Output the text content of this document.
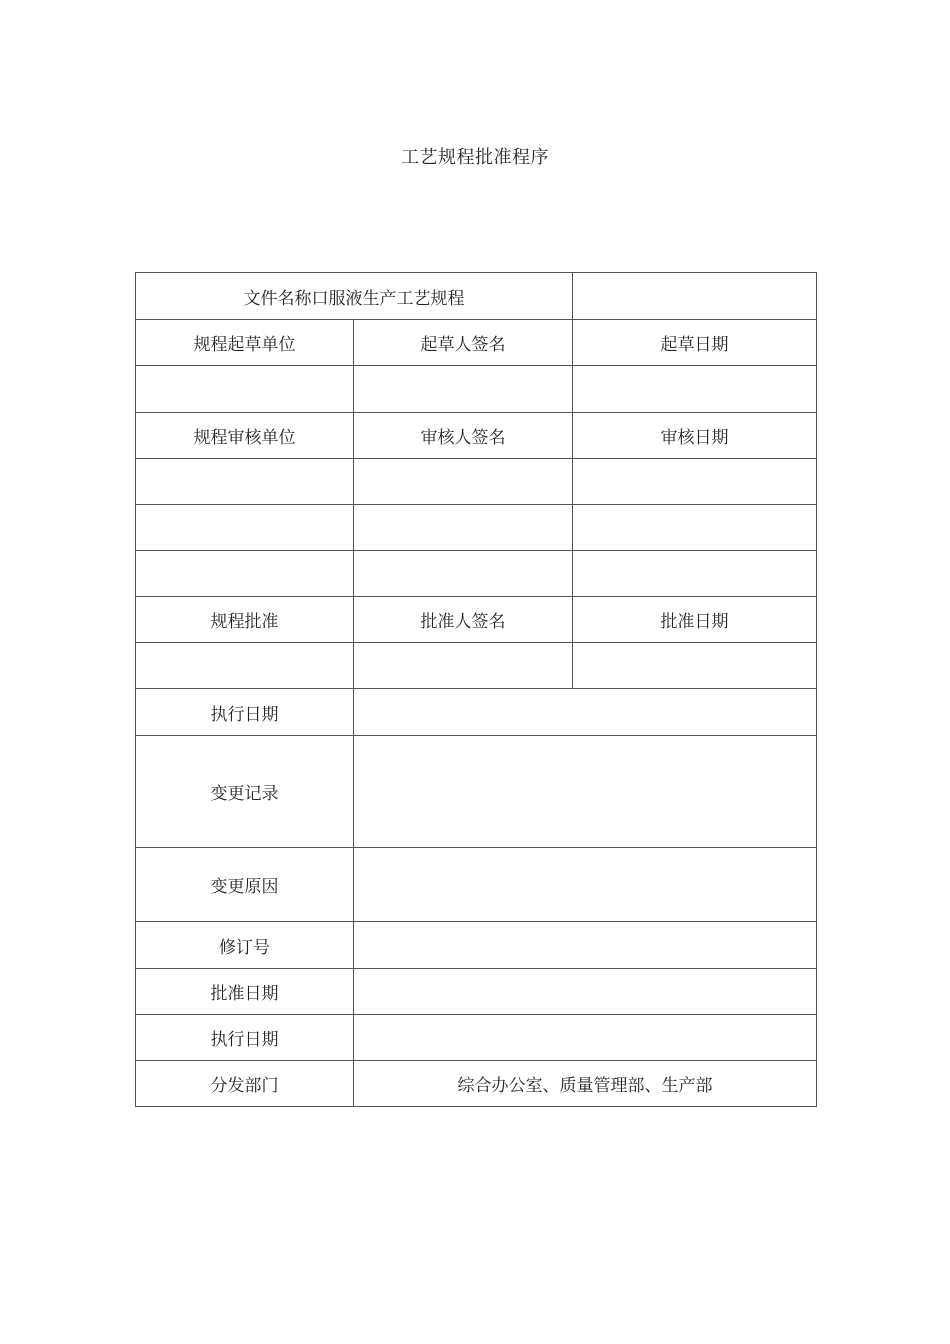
工艺规程批准程序
文件名称口服液生产工艺规程		
规程起草单位	起草人签名	起草日期

规程审核单位	审核人签名	审核日期

规程批准	批准人签名	批准日期

执行日期		
变更记录		
变更原因		
修订号		
批准日期		
执行日期		
分发部门	综合办公室、质量管理部、生产部	
